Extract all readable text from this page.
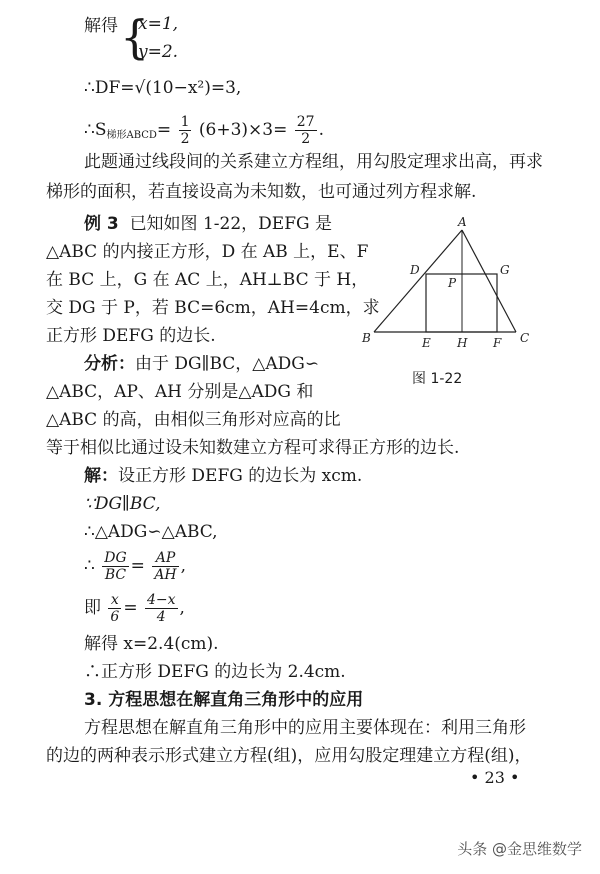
解得 {
x=1,
y=2.
∴DF=√(10−x²)=3,
$\therefore S_{梯形ABCD}= \frac{1}{2} (6+3)\times 3= \frac{27}{2}$ .
此题通过线段间的关系建立方程组，用勾股定理求出高，再求
梯形的面积，若直接设高为未知数，也可通过列方程求解.
例 3 已知如图 1-22，DEFG 是
△ABC 的内接正方形，D 在 AB 上，E、F
在 BC 上，G 在 AC 上，AH⊥BC 于 H，
交 DG 于 P，若 BC=6cm，AH=4cm，求
正方形 DEFG 的边长.
分析：由于 DG∥BC，△ADG∽
△ABC，AP、AH 分别是△ADG 和
△ABC 的高，由相似三角形对应高的比
等于相似比通过设未知数建立方程可求得正方形的边长.
A
B	C
D	G
P
E H F
图 1-22
解：设正方形 DEFG 的边长为 xcm.
∵DG∥BC,
∴△ADG∽△ABC,
∴ $\frac{DG}{BC} = \frac{AP}{AH}$ ,
即 $\frac{x}{6} = \frac{4-x}{4}$ ,
解得 x=2.4(cm).
∴正方形 DEFG 的边长为 2.4cm.
3. 方程思想在解直角三角形中的应用
方程思想在解直角三角形中的应用主要体现在：利用三角形
的边的两种表示形式建立方程(组)，应用勾股定理建立方程(组)，
• 23 •
头条 @金思维数学
